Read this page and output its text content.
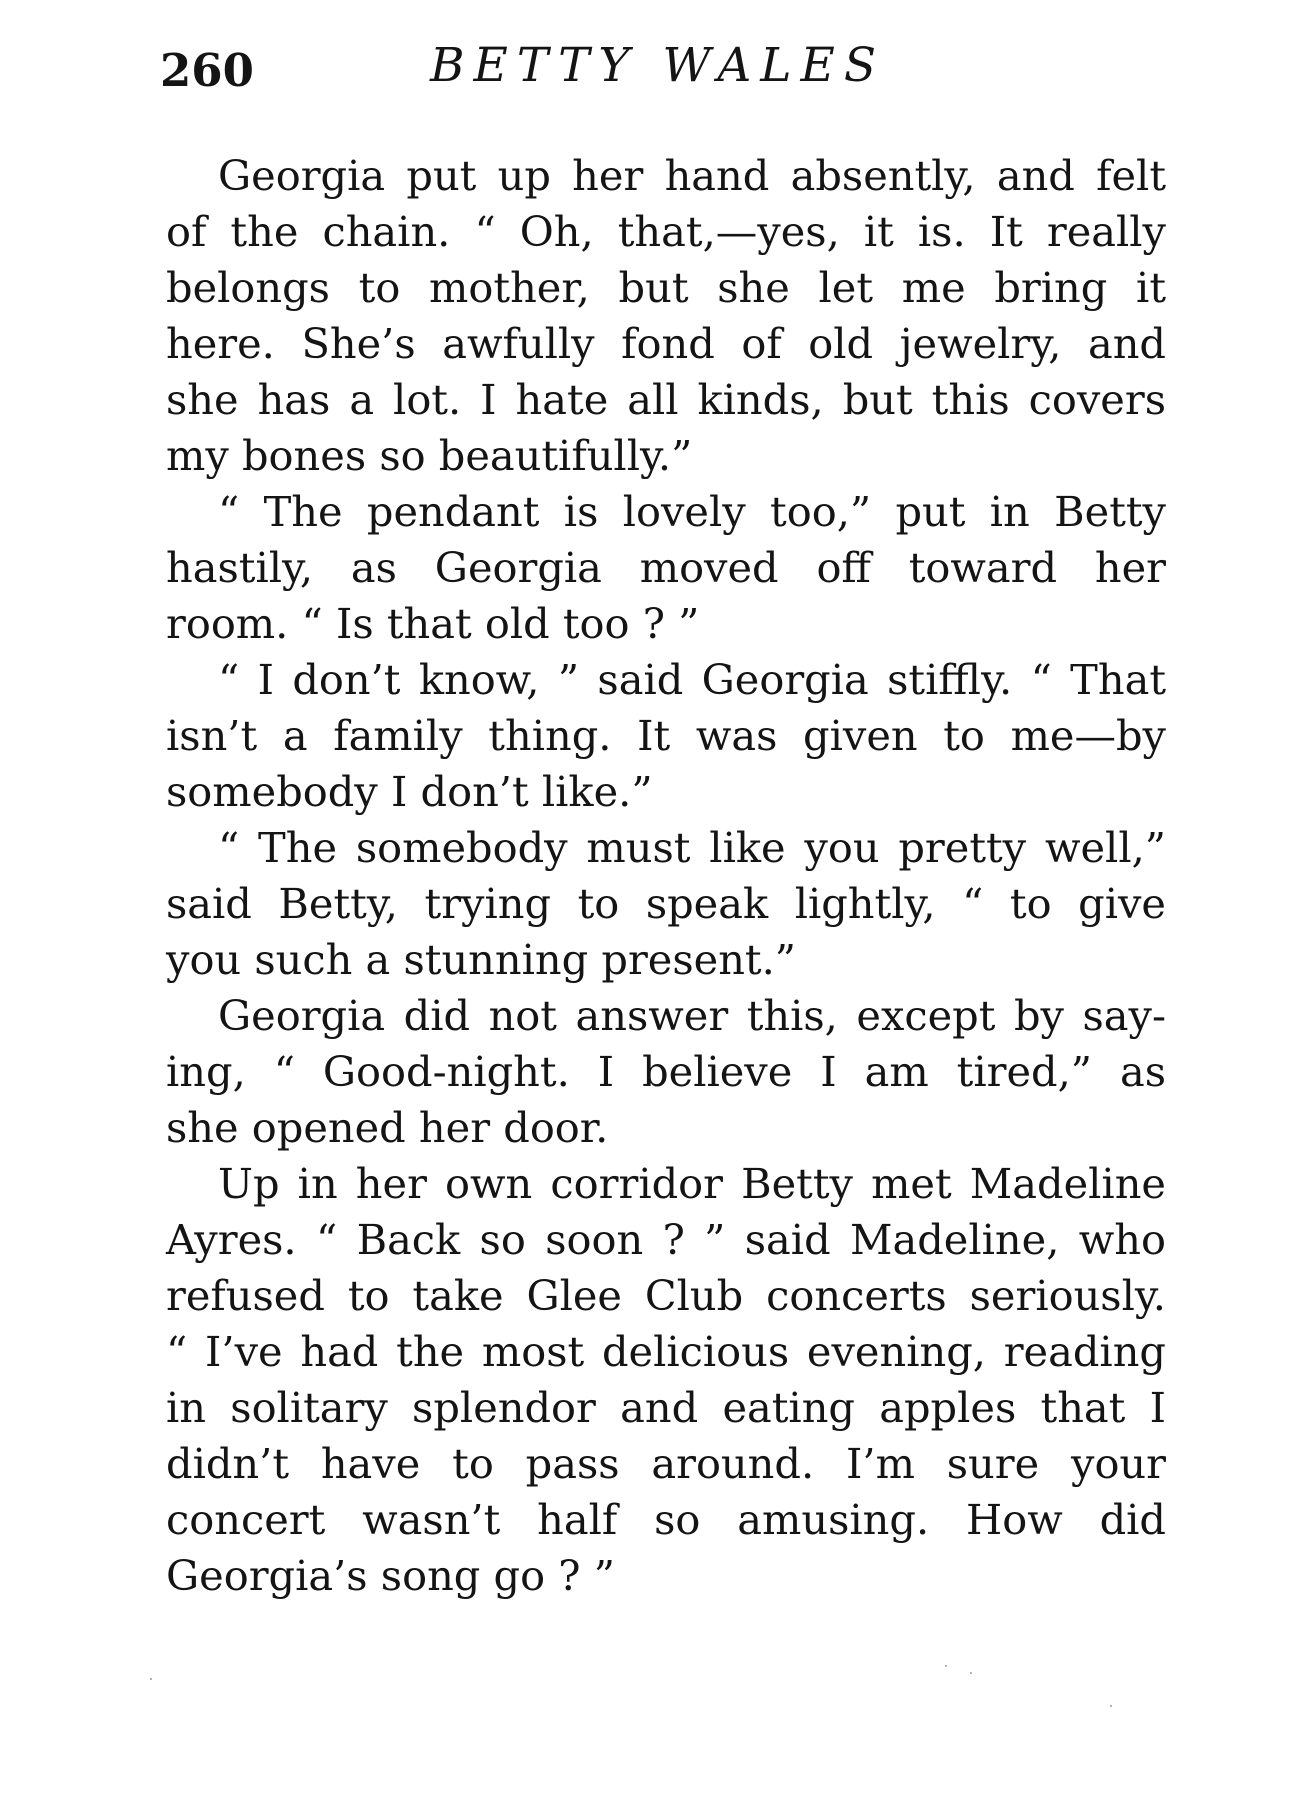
260	BETTY WALES
Georgia put up her hand absently, and felt
of the chain. “ Oh, that,—yes, it is. It really
belongs to mother, but she let me bring it
here. She’s awfully fond of old jewelry, and
she has a lot. I hate all kinds, but this covers
my bones so beautifully.”
“ The pendant is lovely too,” put in Betty
hastily, as Georgia moved off toward her
room. “ Is that old too ? ”
“ I don’t know, ” said Georgia stiffly. “ That
isn’t a family thing. It was given to me—by
somebody I don’t like.”
“ The somebody must like you pretty well,”
said Betty, trying to speak lightly, “ to give
you such a stunning present.”
Georgia did not answer this, except by say-
ing, “ Good-night. I believe I am tired,” as
she opened her door.
Up in her own corridor Betty met Madeline
Ayres. “ Back so soon ? ” said Madeline, who
refused to take Glee Club concerts seriously.
“ I’ve had the most delicious evening, reading
in solitary splendor and eating apples that I
didn’t have to pass around. I’m sure your
concert wasn’t half so amusing. How did
Georgia’s song go ? ”
